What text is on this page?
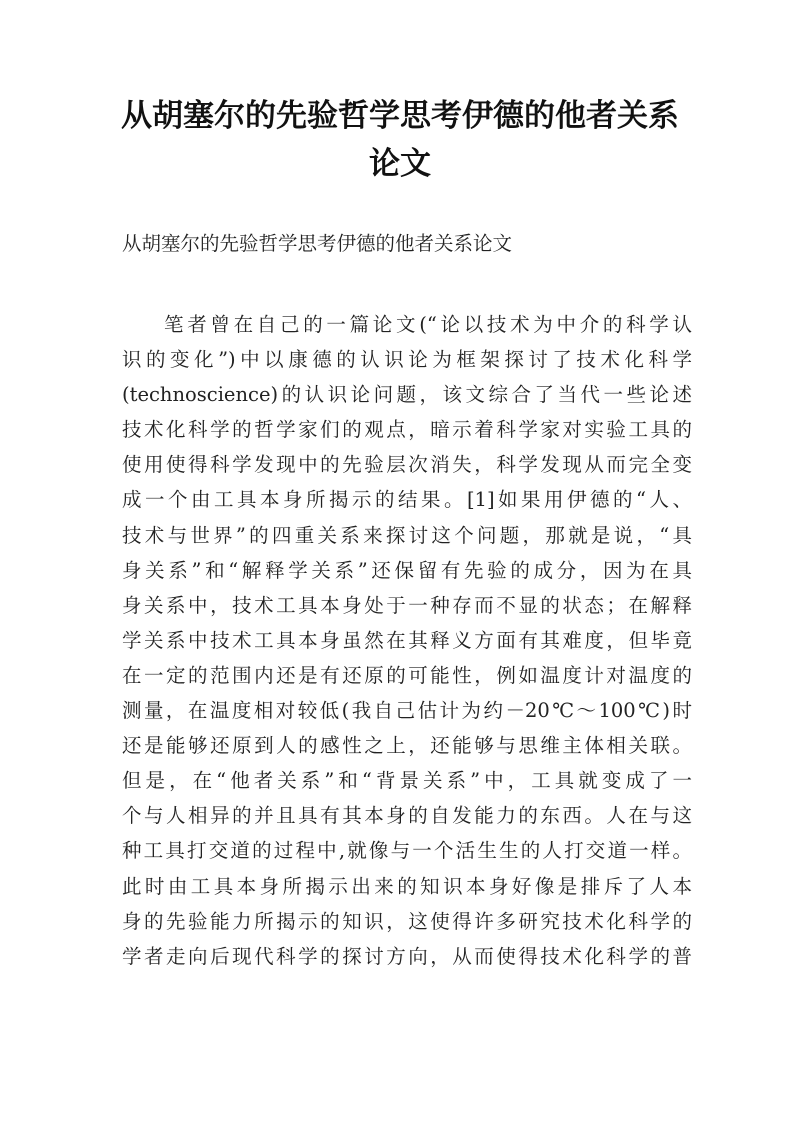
从胡塞尔的先验哲学思考伊德的他者关系
论文

从胡塞尔的先验哲学思考伊德的他者关系论文

笔者曾在自己的一篇论文(“论以技术为中介的科学认
识的变化”)中以康德的认识论为框架探讨了技术化科学
(technoscience)的认识论问题，该文综合了当代一些论述
技术化科学的哲学家们的观点，暗示着科学家对实验工具的
使用使得科学发现中的先验层次消失，科学发现从而完全变
成一个由工具本身所揭示的结果。[1]如果用伊德的“人、
技术与世界”的四重关系来探讨这个问题，那就是说，“具
身关系”和“解释学关系”还保留有先验的成分，因为在具
身关系中，技术工具本身处于一种存而不显的状态；在解释
学关系中技术工具本身虽然在其释义方面有其难度，但毕竟
在一定的范围内还是有还原的可能性，例如温度计对温度的
测量，在温度相对较低(我自己估计为约－20℃～100℃)时
还是能够还原到人的感性之上，还能够与思维主体相关联。
但是，在“他者关系”和“背景关系”中，工具就变成了一
个与人相异的并且具有其本身的自发能力的东西。人在与这
种工具打交道的过程中,就像与一个活生生的人打交道一样。
此时由工具本身所揭示出来的知识本身好像是排斥了人本
身的先验能力所揭示的知识，这使得许多研究技术化科学的
学者走向后现代科学的探讨方向，从而使得技术化科学的普
